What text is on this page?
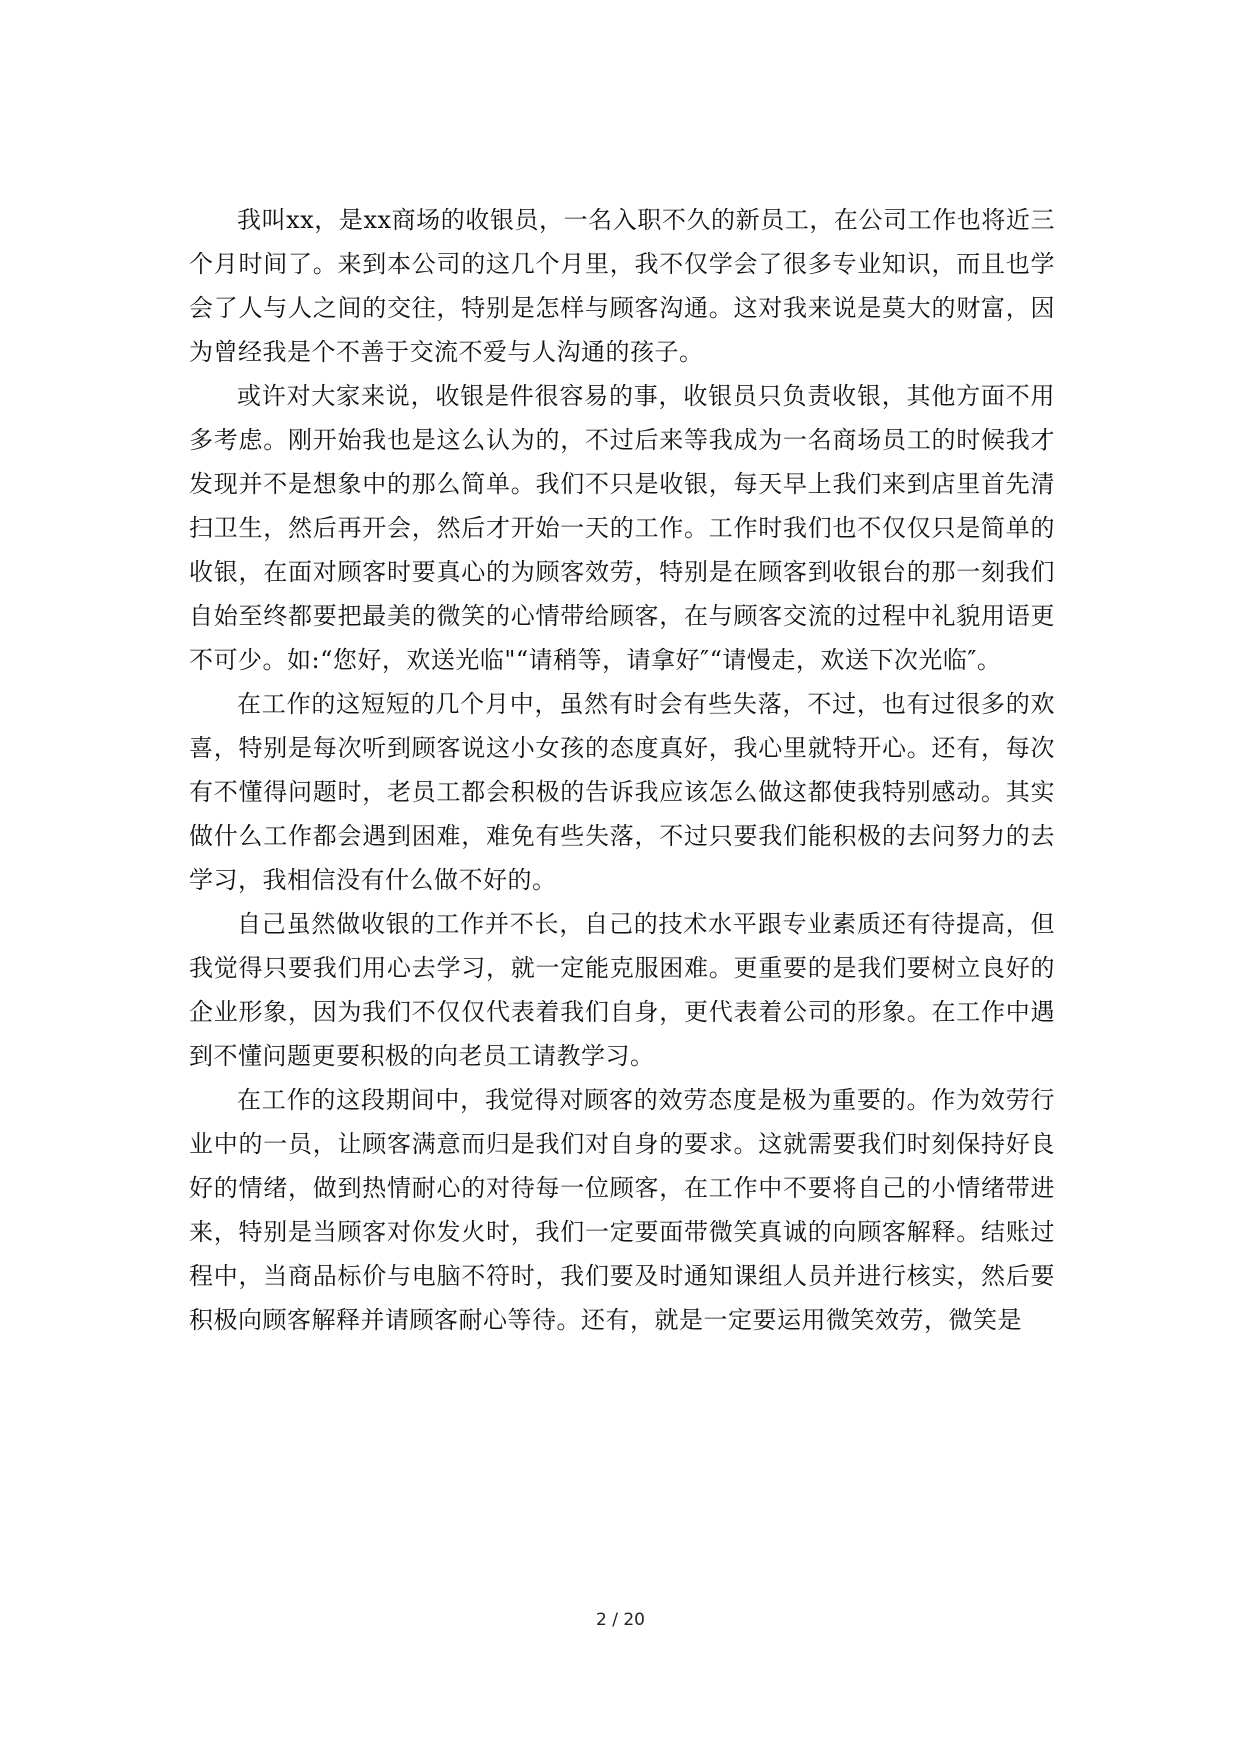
我叫xx，是xx商场的收银员，一名入职不久的新员工，在公司工作也将近三个月时间了。来到本公司的这几个月里，我不仅学会了很多专业知识，而且也学会了人与人之间的交往，特别是怎样与顾客沟通。这对我来说是莫大的财富，因为曾经我是个不善于交流不爱与人沟通的孩子。

或许对大家来说，收银是件很容易的事，收银员只负责收银，其他方面不用多考虑。刚开始我也是这么认为的，不过后来等我成为一名商场员工的时候我才发现并不是想象中的那么简单。我们不只是收银，每天早上我们来到店里首先清扫卫生，然后再开会，然后才开始一天的工作。工作时我们也不仅仅只是简单的收银，在面对顾客时要真心的为顾客效劳，特别是在顾客到收银台的那一刻我们自始至终都要把最美的微笑的心情带给顾客，在与顾客交流的过程中礼貌用语更不可少。如:“您好，欢送光临"“请稍等，请拿好″“请慢走，欢送下次光临″。

在工作的这短短的几个月中，虽然有时会有些失落，不过，也有过很多的欢喜，特别是每次听到顾客说这小女孩的态度真好，我心里就特开心。还有，每次有不懂得问题时，老员工都会积极的告诉我应该怎么做这都使我特别感动。其实做什么工作都会遇到困难，难免有些失落，不过只要我们能积极的去问努力的去学习，我相信没有什么做不好的。

自己虽然做收银的工作并不长，自己的技术水平跟专业素质还有待提高，但我觉得只要我们用心去学习，就一定能克服困难。更重要的是我们要树立良好的企业形象，因为我们不仅仅代表着我们自身，更代表着公司的形象。在工作中遇到不懂问题更要积极的向老员工请教学习。

在工作的这段期间中，我觉得对顾客的效劳态度是极为重要的。作为效劳行业中的一员，让顾客满意而归是我们对自身的要求。这就需要我们时刻保持好良好的情绪，做到热情耐心的对待每一位顾客，在工作中不要将自己的小情绪带进来，特别是当顾客对你发火时，我们一定要面带微笑真诚的向顾客解释。结账过程中，当商品标价与电脑不符时，我们要及时通知课组人员并进行核实，然后要积极向顾客解释并请顾客耐心等待。还有，就是一定要运用微笑效劳，微笑是

2 / 20
